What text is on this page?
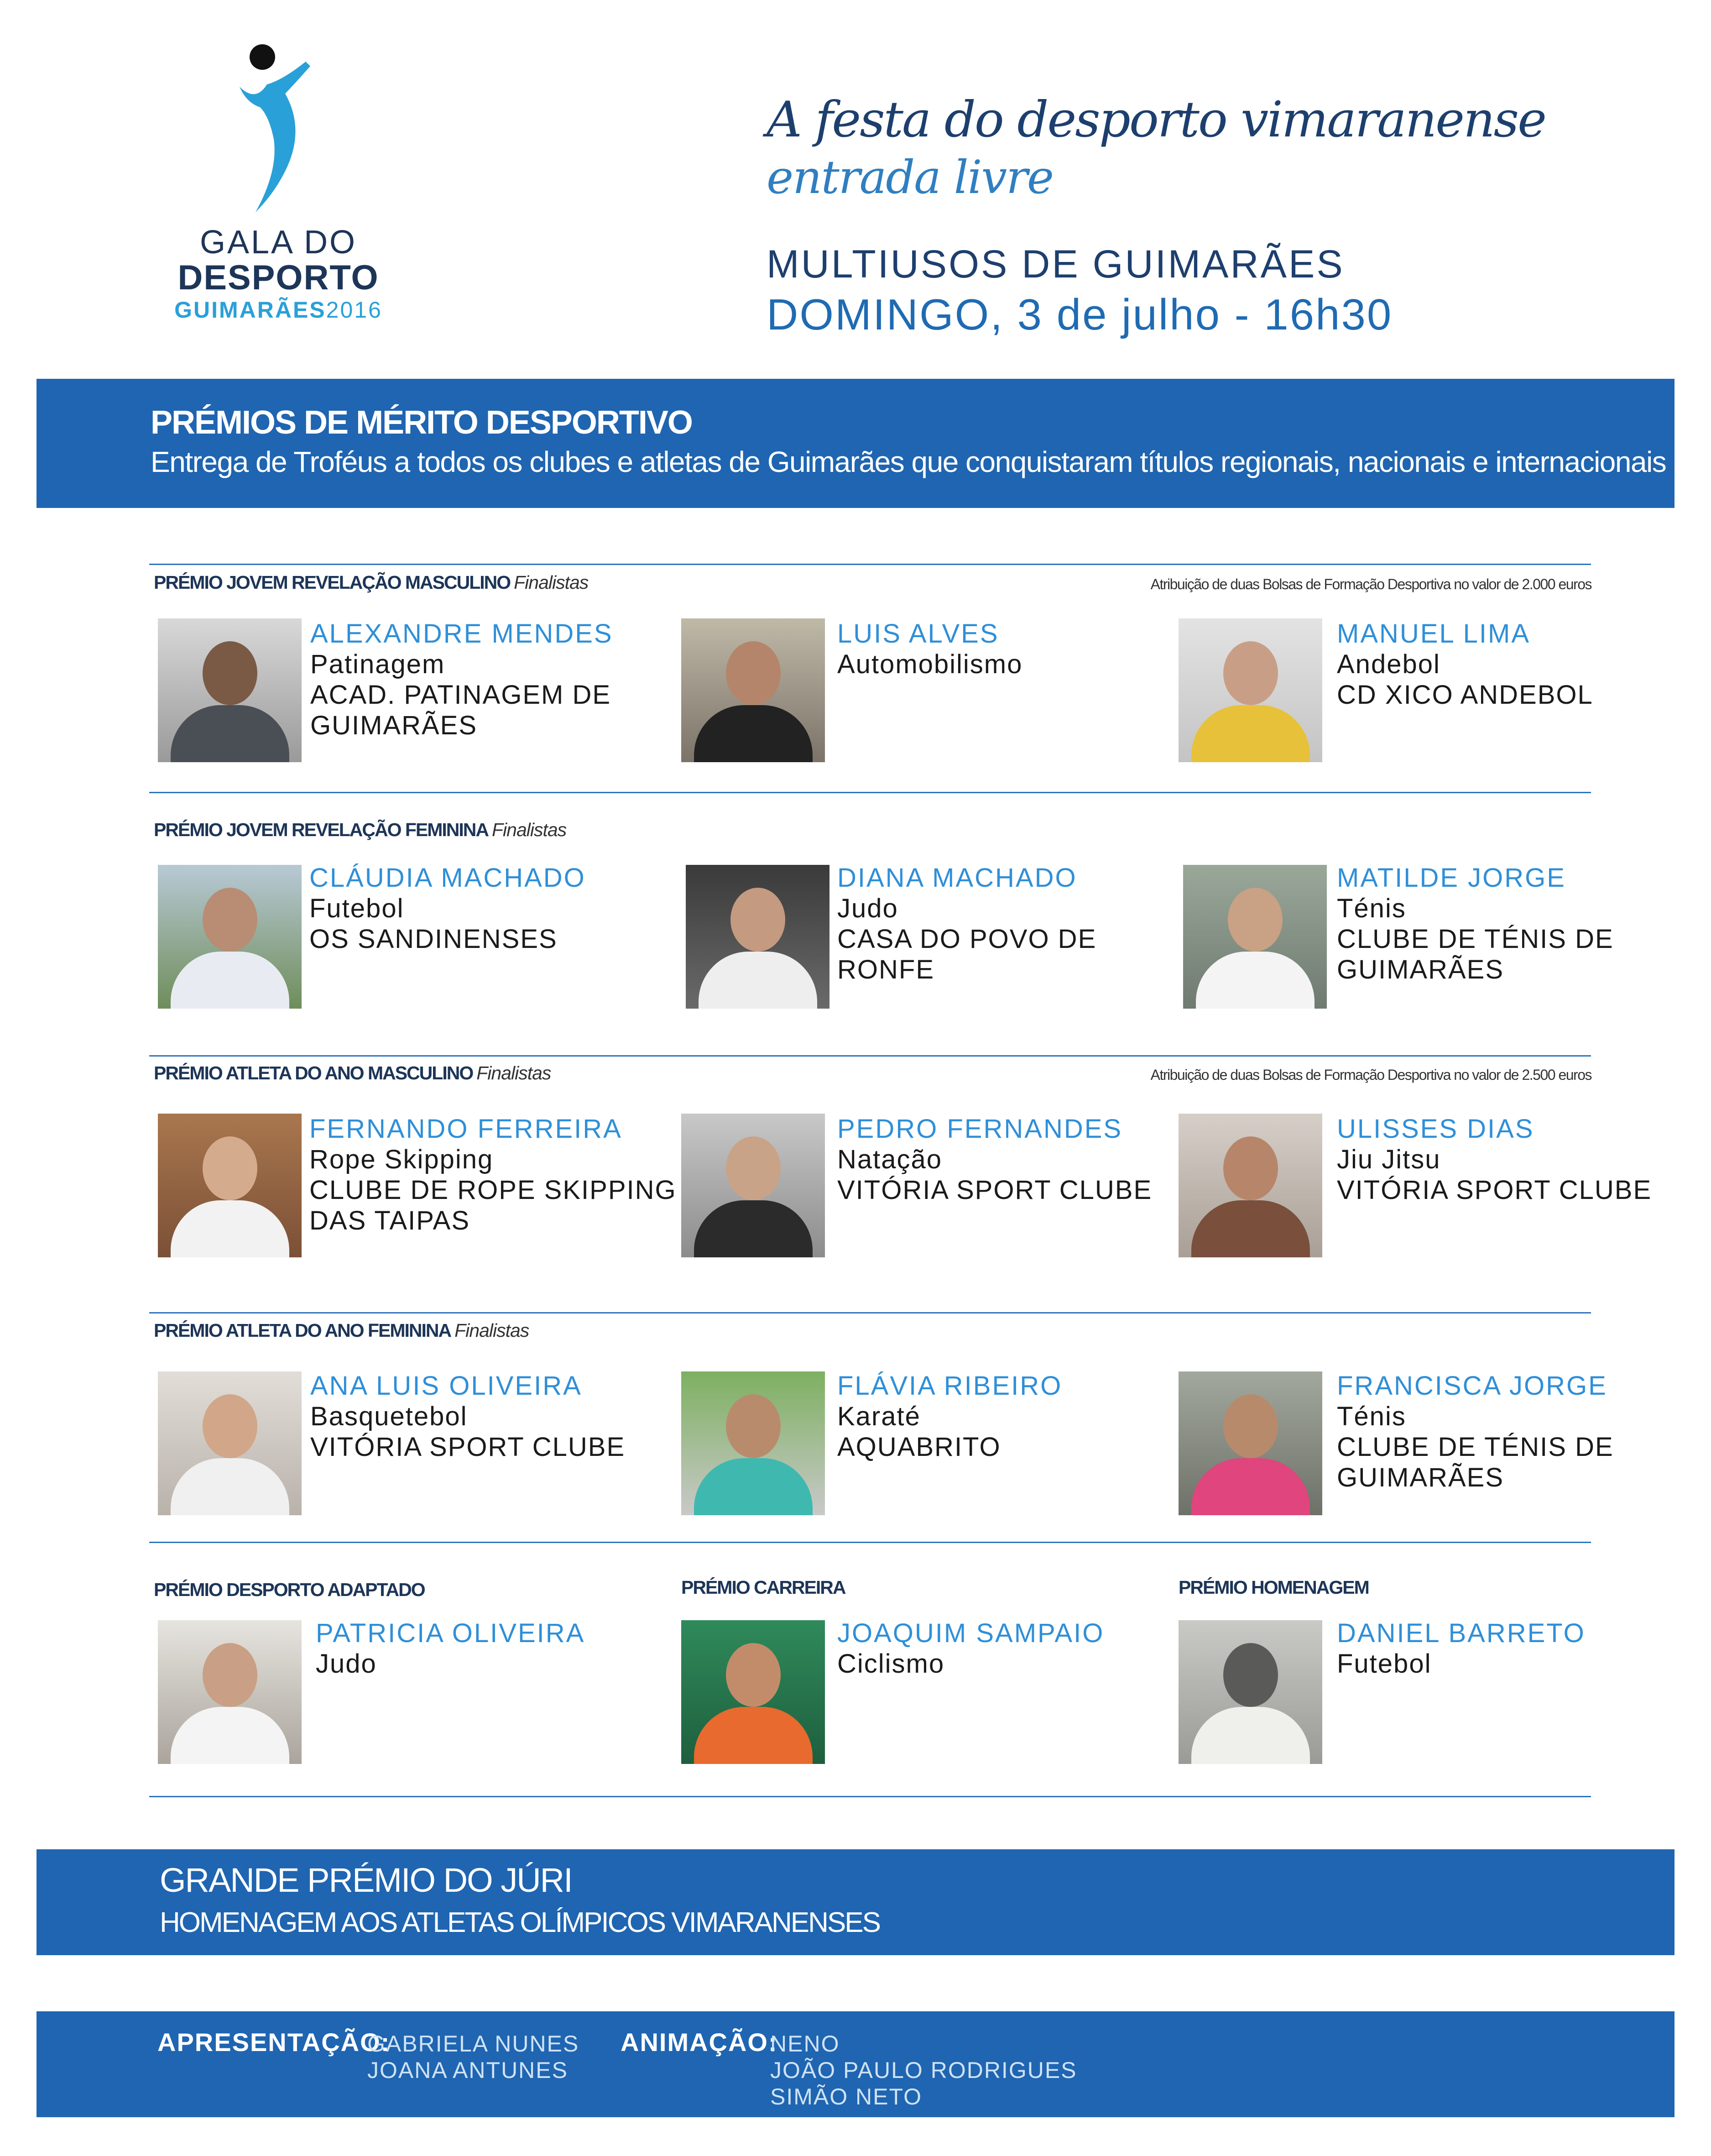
GALA DO
DESPORTO
GUIMARÃES2016
A festa do desporto vimaranense
entrada livre
MULTIUSOS DE GUIMARÃES
DOMINGO, 3 de julho - 16h30
PRÉMIOS DE MÉRITO DESPORTIVO
Entrega de Troféus a todos os clubes e atletas de Guimarães que conquistaram títulos regionais, nacionais e internacionais
PRÉMIO JOVEM REVELAÇÃO MASCULINO Finalistas	Atribuição de duas Bolsas de Formação Desportiva no valor de 2.000 euros
ALEXANDRE MENDES
Patinagem
ACAD. PATINAGEM DE
GUIMARÃES
LUIS ALVES
Automobilismo
MANUEL LIMA
Andebol
CD XICO ANDEBOL
PRÉMIO JOVEM REVELAÇÃO FEMININA Finalistas
CLÁUDIA MACHADO
Futebol
OS SANDINENSES
DIANA MACHADO
Judo
CASA DO POVO DE
RONFE
MATILDE JORGE
Ténis
CLUBE DE TÉNIS DE
GUIMARÃES
PRÉMIO ATLETA DO ANO MASCULINO Finalistas	Atribuição de duas Bolsas de Formação Desportiva no valor de 2.500 euros
FERNANDO FERREIRA
Rope Skipping
CLUBE DE ROPE SKIPPING
DAS TAIPAS
PEDRO FERNANDES
Natação
VITÓRIA SPORT CLUBE
ULISSES DIAS
Jiu Jitsu
VITÓRIA SPORT CLUBE
PRÉMIO ATLETA DO ANO FEMININA Finalistas
ANA LUIS OLIVEIRA
Basquetebol
VITÓRIA SPORT CLUBE
FLÁVIA RIBEIRO
Karaté
AQUABRITO
FRANCISCA JORGE
Ténis
CLUBE DE TÉNIS DE
GUIMARÃES
PRÉMIO DESPORTO ADAPTADO
PATRICIA OLIVEIRA
Judo
PRÉMIO CARREIRA
JOAQUIM SAMPAIO
Ciclismo
PRÉMIO HOMENAGEM
DANIEL BARRETO
Futebol
GRANDE PRÉMIO DO JÚRI
HOMENAGEM AOS ATLETAS OLÍMPICOS VIMARANENSES
APRESENTAÇÃO:
GABRIELA NUNES
JOANA ANTUNES
ANIMAÇÃO:
NENO
JOÃO PAULO RODRIGUES
SIMÃO NETO
